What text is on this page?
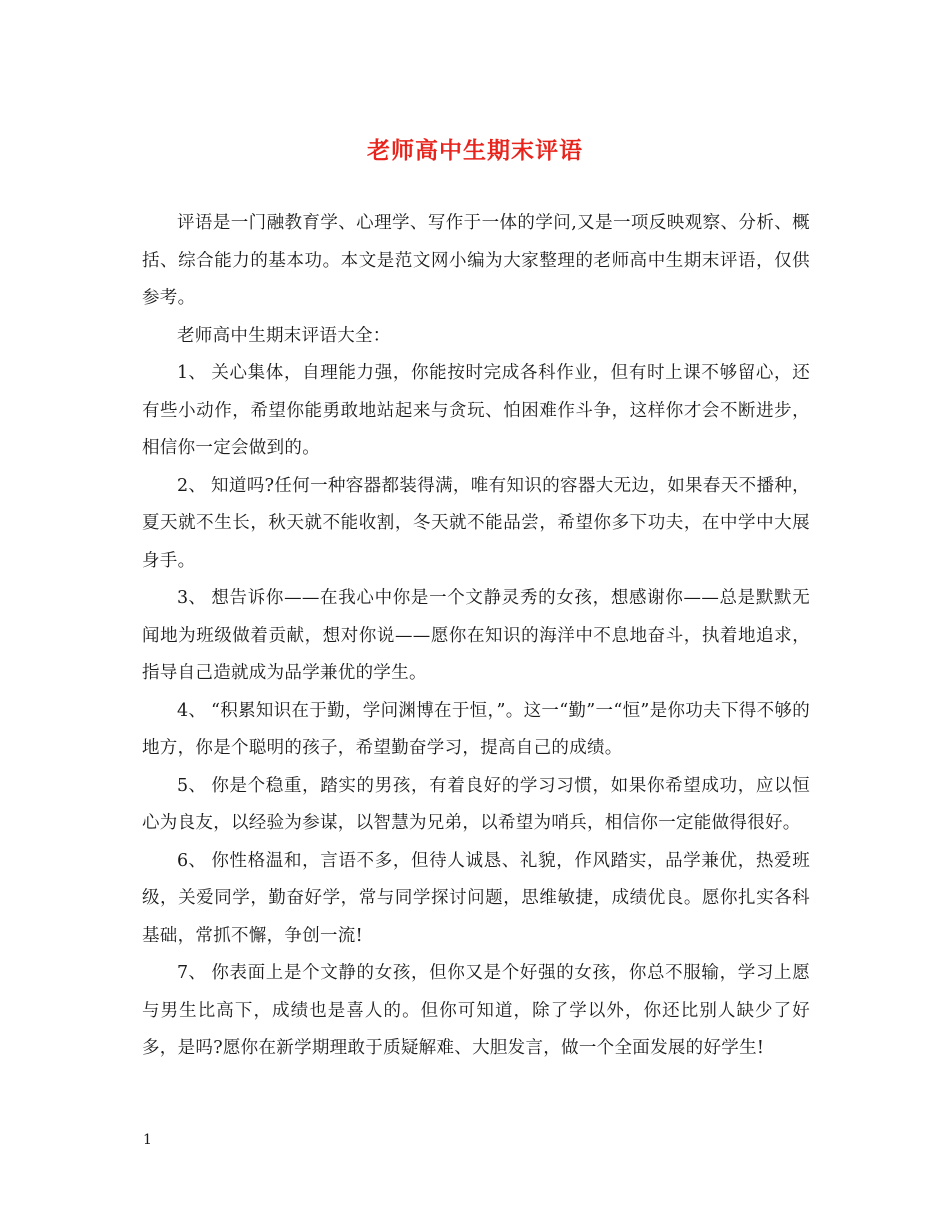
老师高中生期末评语

评语是一门融教育学、心理学、写作于一体的学问,又是一项反映观察、分析、概括、综合能力的基本功。本文是范文网小编为大家整理的老师高中生期末评语，仅供参考。

老师高中生期末评语大全：

1、 关心集体，自理能力强，你能按时完成各科作业，但有时上课不够留心，还有些小动作，希望你能勇敢地站起来与贪玩、怕困难作斗争，这样你才会不断进步，相信你一定会做到的。

2、 知道吗?任何一种容器都装得满，唯有知识的容器大无边，如果春天不播种，夏天就不生长，秋天就不能收割，冬天就不能品尝，希望你多下功夫，在中学中大展身手。

3、 想告诉你——在我心中你是一个文静灵秀的女孩，想感谢你——总是默默无闻地为班级做着贡献，想对你说——愿你在知识的海洋中不息地奋斗，执着地追求，指导自己造就成为品学兼优的学生。

4、 “积累知识在于勤，学问渊博在于恒，”。这一“勤”一“恒”是你功夫下得不够的地方，你是个聪明的孩子，希望勤奋学习，提高自己的成绩。

5、 你是个稳重，踏实的男孩，有着良好的学习习惯，如果你希望成功，应以恒心为良友，以经验为参谋，以智慧为兄弟，以希望为哨兵，相信你一定能做得很好。

6、 你性格温和，言语不多，但待人诚恳、礼貌，作风踏实，品学兼优，热爱班级，关爱同学，勤奋好学，常与同学探讨问题，思维敏捷，成绩优良。愿你扎实各科基础，常抓不懈，争创一流!

7、 你表面上是个文静的女孩，但你又是个好强的女孩，你总不服输，学习上愿与男生比高下，成绩也是喜人的。但你可知道，除了学以外，你还比别人缺少了好多，是吗?愿你在新学期理敢于质疑解难、大胆发言，做一个全面发展的好学生!

1
